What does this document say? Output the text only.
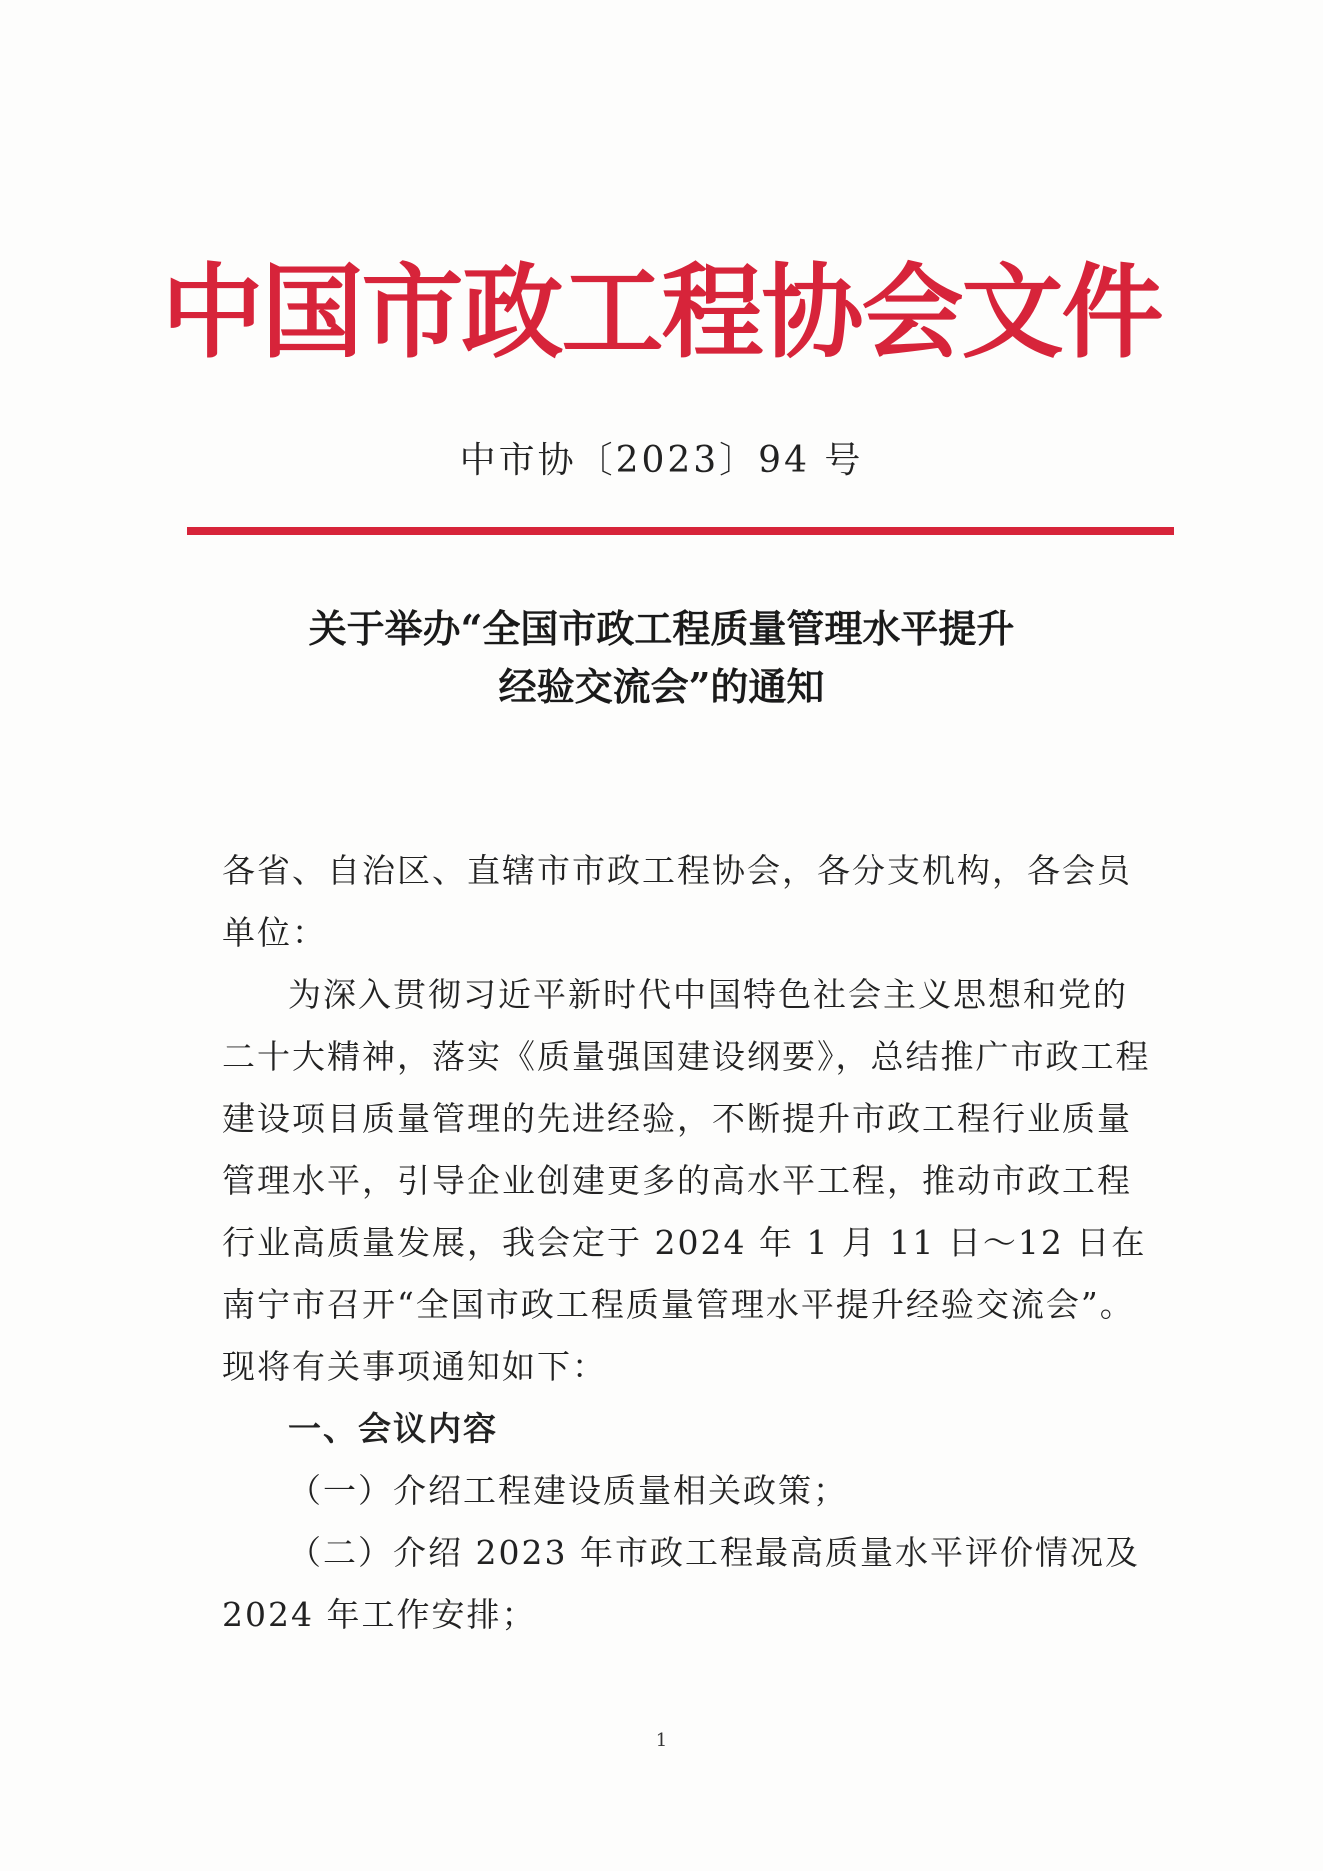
中国市政工程协会文件
中市协〔2023〕94 号
关于举办“全国市政工程质量管理水平提升
经验交流会”的通知

各省、自治区、直辖市市政工程协会，各分支机构，各会员单位：

为深入贯彻习近平新时代中国特色社会主义思想和党的二十大精神，落实《质量强国建设纲要》，总结推广市政工程建设项目质量管理的先进经验，不断提升市政工程行业质量管理水平，引导企业创建更多的高水平工程，推动市政工程行业高质量发展，我会定于 2024 年 1 月 11 日～12 日在南宁市召开“全国市政工程质量管理水平提升经验交流会”。现将有关事项通知如下：

一、会议内容

（一）介绍工程建设质量相关政策；

（二）介绍 2023 年市政工程最高质量水平评价情况及 2024 年工作安排；

1
